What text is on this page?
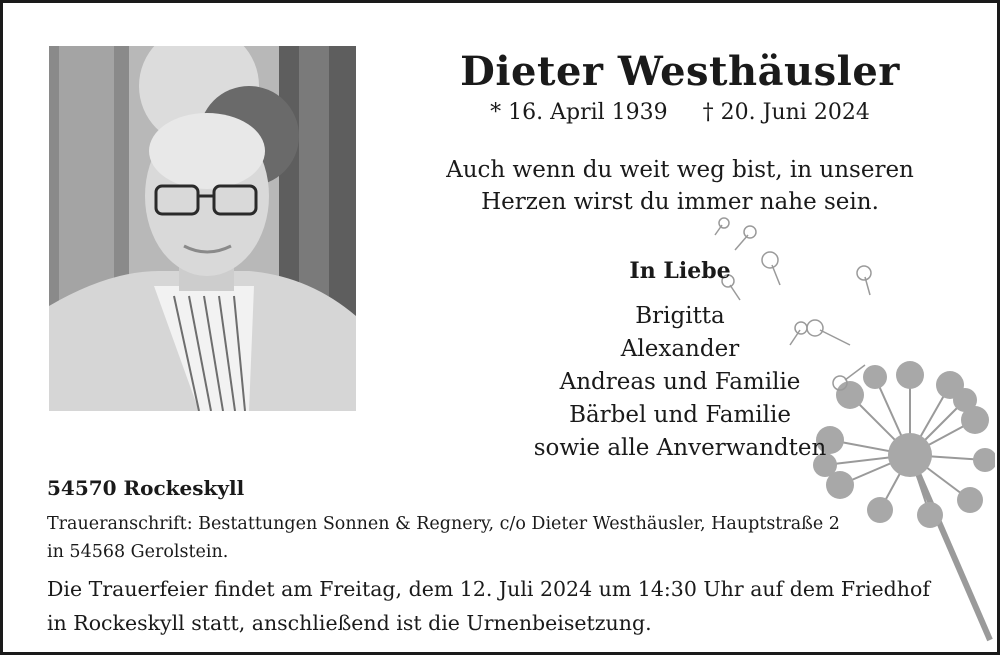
Dieter Westhäusler
* 16. April 1939 † 20. Juni 2024
Auch wenn du weit weg bist, in unseren
Herzen wirst du immer nahe sein.
In Liebe
Brigitta
Alexander
Andreas und Familie
Bärbel und Familie
sowie alle Anverwandten
54570 Rockeskyll
Traueranschrift: Bestattungen Sonnen & Regnery, c/o Dieter Westhäusler, Hauptstraße 2
in 54568 Gerolstein.
Die Trauerfeier findet am Freitag, dem 12. Juli 2024 um 14:30 Uhr auf dem Friedhof
in Rockeskyll statt, anschließend ist die Urnenbeisetzung.
